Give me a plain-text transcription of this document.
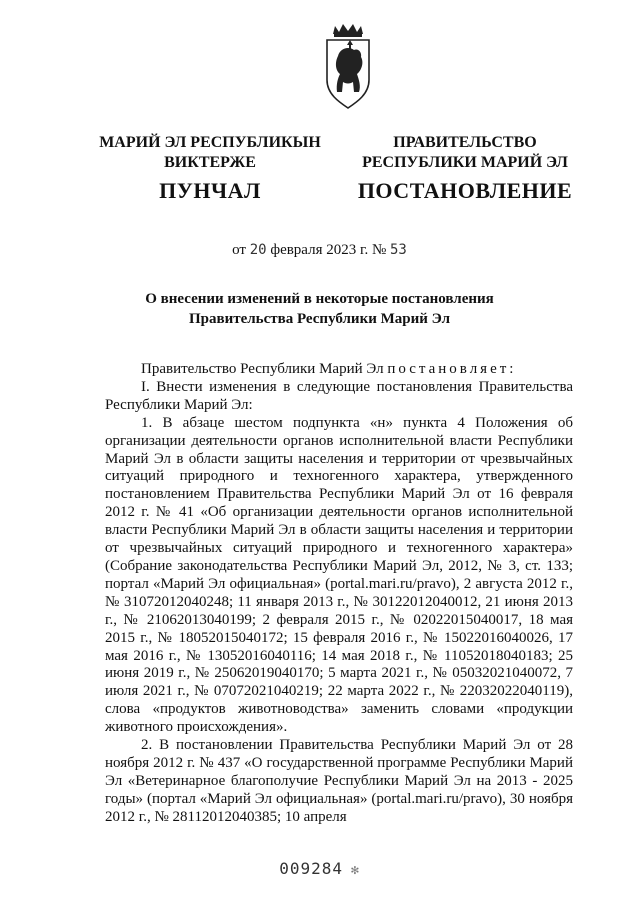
МАРИЙ ЭЛ РЕСПУБЛИКЫН
ВИКТЕРЖЕ
ПУНЧАЛ
ПРАВИТЕЛЬСТВО
РЕСПУБЛИКИ МАРИЙ ЭЛ
ПОСТАНОВЛЕНИЕ
от 20 февраля 2023 г. № 53
О внесении изменений в некоторые постановления
Правительства Республики Марий Эл

Правительство Республики Марий Эл постановляет:

I. Внести изменения в следующие постановления Правительства Республики Марий Эл:

1. В абзаце шестом подпункта «н» пункта 4 Положения об организации деятельности органов исполнительной власти Республики Марий Эл в области защиты населения и территории от чрезвычайных ситуаций природного и техногенного характера, утвержденного постановлением Правительства Республики Марий Эл от 16 февраля 2012 г. № 41 «Об организации деятельности органов исполнительной власти Республики Марий Эл в области защиты населения и территории от чрезвычайных ситуаций природного и техногенного характера» (Собрание законодательства Республики Марий Эл, 2012, № 3, ст. 133; портал «Марий Эл официальная» (portal.mari.ru/pravo), 2 августа 2012 г., № 31072012040248; 11 января 2013 г., № 30122012040012, 21 июня 2013 г., № 21062013040199; 2 февраля 2015 г., № 02022015040017, 18 мая 2015 г., № 18052015040172; 15 февраля 2016 г., № 15022016040026, 17 мая 2016 г., № 13052016040116; 14 мая 2018 г., № 11052018040183; 25 июня 2019 г., № 25062019040170; 5 марта 2021 г., № 05032021040072, 7 июля 2021 г., № 07072021040219; 22 марта 2022 г., № 22032022040119), слова «продуктов животноводства» заменить словами «продукции животного происхождения».

2. В постановлении Правительства Республики Марий Эл от 28 ноября 2012 г. № 437 «О государственной программе Республики Марий Эл «Ветеринарное благополучие Республики Марий Эл на 2013 - 2025 годы» (портал «Марий Эл официальная» (portal.mari.ru/pravo), 30 ноября 2012 г., № 28112012040385; 10 апреля

009284 ✻
